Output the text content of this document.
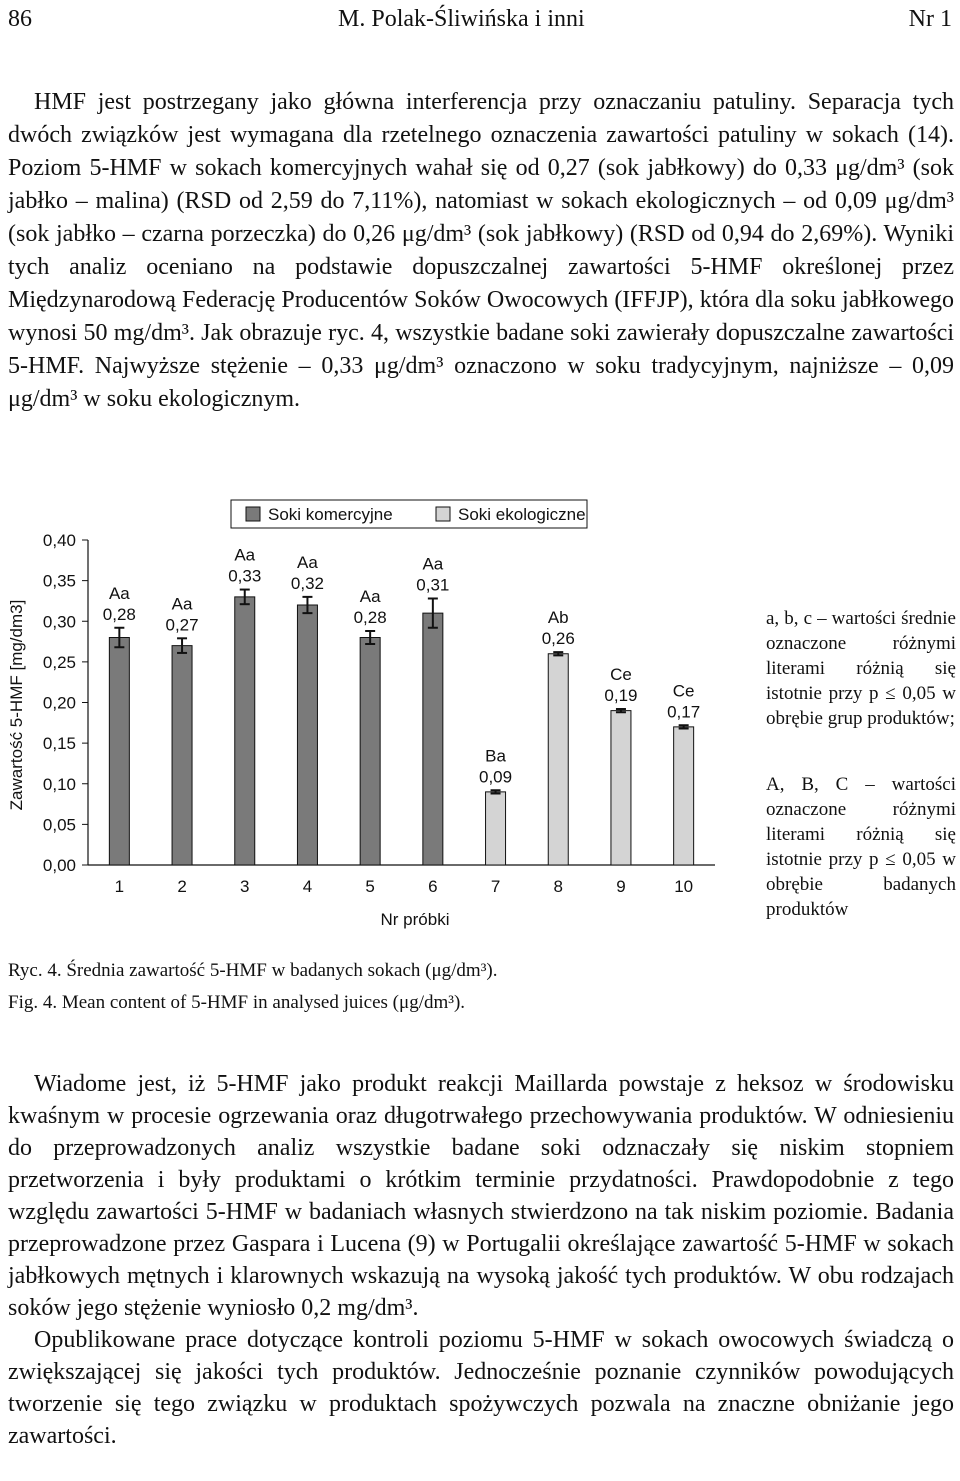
86	M. Polak-Śliwińska i inni	Nr 1

HMF jest postrzegany jako główna interferencja przy oznaczaniu patuliny. Separacja tych dwóch związków jest wymagana dla rzetelnego oznaczenia zawartości patuliny w sokach (14). Poziom 5-HMF w sokach komercyjnych wahał się od 0,27 (sok jabłkowy) do 0,33 μg/dm³ (sok jabłko – malina) (RSD od 2,59 do 7,11%), natomiast w sokach ekologicznych – od 0,09 μg/dm³ (sok jabłko – czarna porzeczka) do 0,26 μg/dm³ (sok jabłkowy) (RSD od 0,94 do 2,69%). Wyniki tych analiz oceniano na podstawie dopuszczalnej zawartości 5-HMF określonej przez Międzynarodową Federację Producentów Soków Owocowych (IFFJP), która dla soku jabłkowego wynosi 50 mg/dm³. Jak obrazuje ryc. 4, wszystkie badane soki zawierały dopuszczalne zawartości 5-HMF. Najwyższe stężenie – 0,33 μg/dm³ oznaczono w soku tradycyjnym, najniższe – 0,09 μg/dm³ w soku ekologicznym.

Soki komercyjne	Soki ekologiczne
Zawartość 5-HMF [mg/dm3]
Nr próbki
0,00
0,05
0,10
0,15
0,20
0,25
0,30
0,35
0,40
0,28
Aa
1
0,27
Aa
2
0,33
Aa
3
0,32
Aa
4
0,28
Aa
5
0,31
Aa
6
0,09
Ba
7
0,26
Ab
8
0,19
Ce
9
0,17
Ce
10

a, b, c – wartości średnie oznaczone różnymi literami różnią się istotnie przy p ≤ 0,05 w obrębie grup produktów;

A, B, C – wartości oznaczone różnymi literami różnią się istotnie przy p ≤ 0,05 w obrębie badanych produktów

Ryc. 4. Średnia zawartość 5-HMF w badanych sokach (μg/dm³).
Fig. 4. Mean content of 5-HMF in analysed juices (μg/dm³).

Wiadome jest, iż 5-HMF jako produkt reakcji Maillarda powstaje z heksoz w środowisku kwaśnym w procesie ogrzewania oraz długotrwałego przechowywania produktów. W odniesieniu do przeprowadzonych analiz wszystkie badane soki odznaczały się niskim stopniem przetworzenia i były produktami o krótkim terminie przydatności. Prawdopodobnie z tego względu zawartości 5-HMF w badaniach własnych stwierdzono na tak niskim poziomie. Badania przeprowadzone przez Gaspara i Lucena (9) w Portugalii określające zawartość 5-HMF w sokach jabłkowych mętnych i klarownych wskazują na wysoką jakość tych produktów. W obu rodzajach soków jego stężenie wyniosło 0,2 mg/dm³.

Opublikowane prace dotyczące kontroli poziomu 5-HMF w sokach owocowych świadczą o zwiększającej się jakości tych produktów. Jednocześnie poznanie czynników powodujących tworzenie się tego związku w produktach spożywczych pozwala na znaczne obniżanie jego zawartości.
